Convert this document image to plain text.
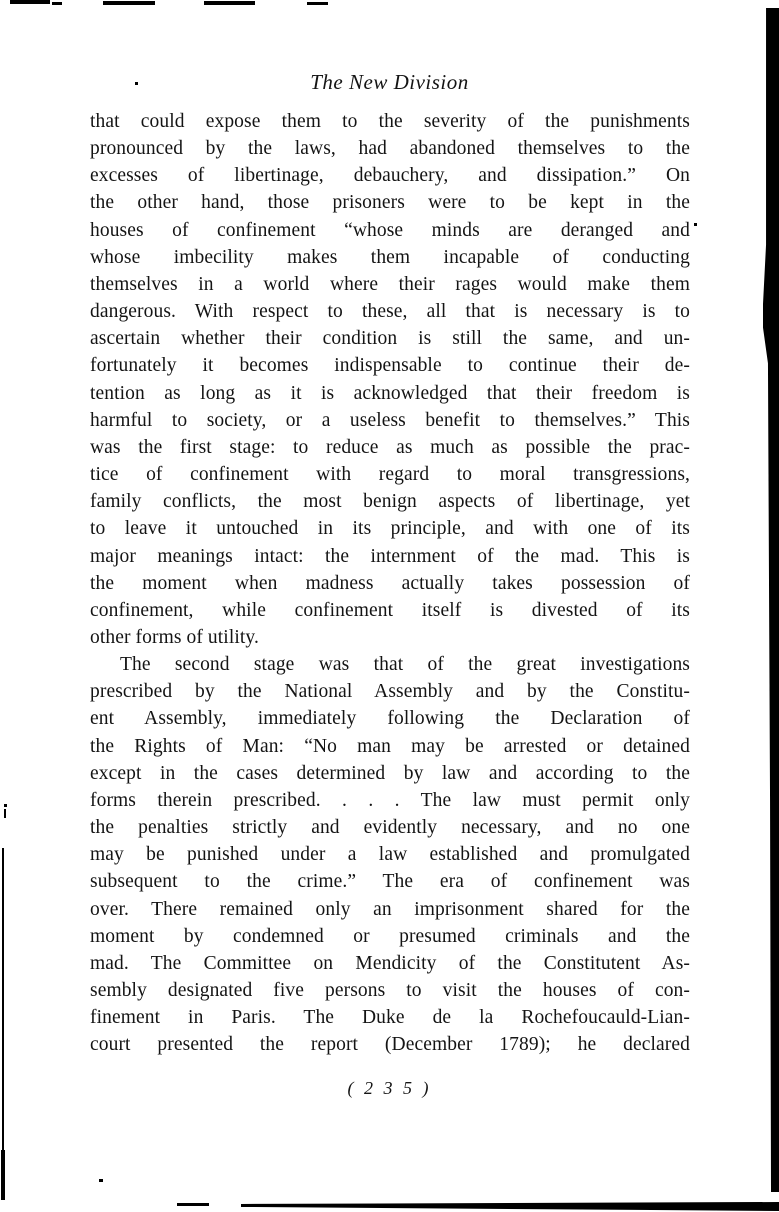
The New Division
that could expose them to the severity of the punishments
pronounced by the laws, had abandoned themselves to the
excesses of libertinage, debauchery, and dissipation.” On
the other hand, those prisoners were to be kept in the
houses of confinement “whose minds are deranged and
whose imbecility makes them incapable of conducting
themselves in a world where their rages would make them
dangerous. With respect to these, all that is necessary is to
ascertain whether their condition is still the same, and un-
fortunately it becomes indispensable to continue their de-
tention as long as it is acknowledged that their freedom is
harmful to society, or a useless benefit to themselves.” This
was the first stage: to reduce as much as possible the prac-
tice of confinement with regard to moral transgressions,
family conflicts, the most benign aspects of libertinage, yet
to leave it untouched in its principle, and with one of its
major meanings intact: the internment of the mad. This is
the moment when madness actually takes possession of
confinement, while confinement itself is divested of its
other forms of utility.
The second stage was that of the great investigations
prescribed by the National Assembly and by the Constitu-
ent Assembly, immediately following the Declaration of
the Rights of Man: “No man may be arrested or detained
except in the cases determined by law and according to the
forms therein prescribed. . . . The law must permit only
the penalties strictly and evidently necessary, and no one
may be punished under a law established and promulgated
subsequent to the crime.” The era of confinement was
over. There remained only an imprisonment shared for the
moment by condemned or presumed criminals and the
mad. The Committee on Mendicity of the Constitutent As-
sembly designated five persons to visit the houses of con-
finement in Paris. The Duke de la Rochefoucauld-Lian-
court presented the report (December 1789); he declared
( 2 3 5 )
